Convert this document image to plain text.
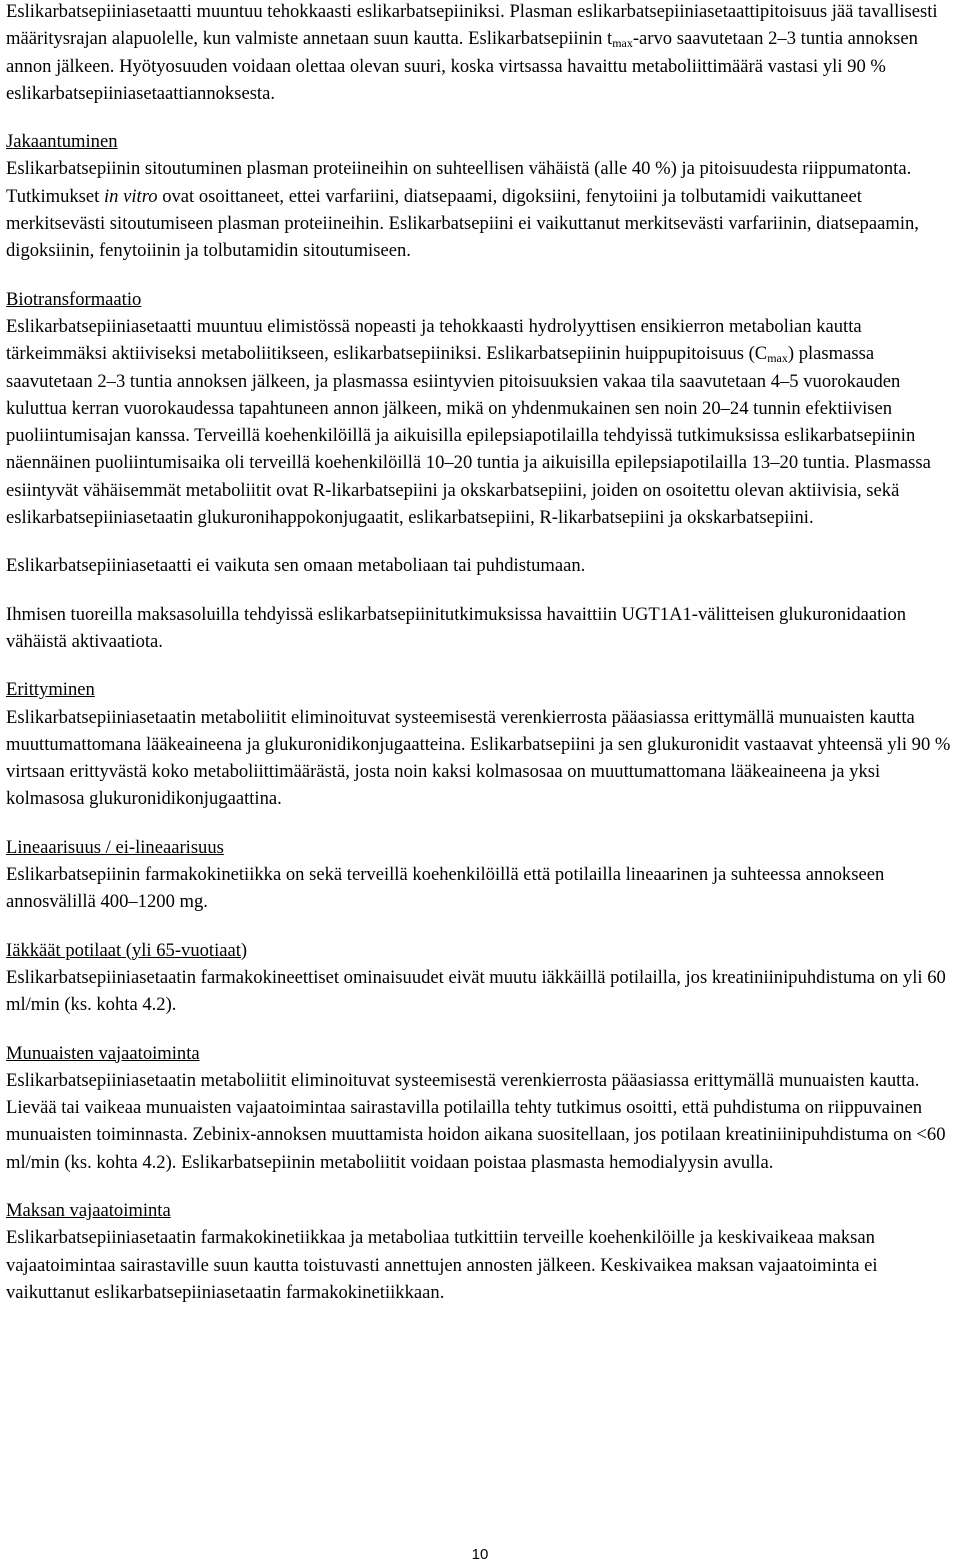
Eslikarbatsepiiniasetaatti muuntuu tehokkaasti eslikarbatsepiiniksi. Plasman eslikarbatsepiiniasetaattipitoisuus jää tavallisesti määritysrajan alapuolelle, kun valmiste annetaan suun kautta. Eslikarbatsepiinin $t_{max}$-arvo saavutetaan 2–3 tuntia annoksen annon jälkeen. Hyötyosuuden voidaan olettaa olevan suuri, koska virtsassa havaittu metaboliittimäärä vastasi yli 90 % eslikarbatsepiiniasetaattiannoksesta.

Jakaantuminen

Eslikarbatsepiinin sitoutuminen plasman proteiineihin on suhteellisen vähäistä (alle 40 %) ja pitoisuudesta riippumatonta. Tutkimukset in vitro ovat osoittaneet, ettei varfariini, diatsepaami, digoksiini, fenytoiini ja tolbutamidi vaikuttaneet merkitsevästi sitoutumiseen plasman proteiineihin. Eslikarbatsepiini ei vaikuttanut merkitsevästi varfariinin, diatsepaamin, digoksiinin, fenytoiinin ja tolbutamidin sitoutumiseen.

Biotransformaatio

Eslikarbatsepiiniasetaatti muuntuu elimistössä nopeasti ja tehokkaasti hydrolyyttisen ensikierron metabolian kautta tärkeimmäksi aktiiviseksi metaboliitikseen, eslikarbatsepiiniksi. Eslikarbatsepiinin huippupitoisuus $(C_{max})$ plasmassa saavutetaan 2–3 tuntia annoksen jälkeen, ja plasmassa esiintyvien pitoisuuksien vakaa tila saavutetaan 4–5 vuorokauden kuluttua kerran vuorokaudessa tapahtuneen annon jälkeen, mikä on yhdenmukainen sen noin 20–24 tunnin efektiivisen puoliintumisajan kanssa. Terveillä koehenkilöillä ja aikuisilla epilepsiapotilailla tehdyissä tutkimuksissa eslikarbatsepiinin näennäinen puoliintumisaika oli terveillä koehenkilöillä 10–20 tuntia ja aikuisilla epilepsiapotilailla 13–20 tuntia. Plasmassa esiintyvät vähäisemmät metaboliitit ovat R-likarbatsepiini ja okskarbatsepiini, joiden on osoitettu olevan aktiivisia, sekä eslikarbatsepiiniasetaatin glukuronihappokonjugaatit, eslikarbatsepiini, R-likarbatsepiini ja okskarbatsepiini.

Eslikarbatsepiiniasetaatti ei vaikuta sen omaan metaboliaan tai puhdistumaan.

Ihmisen tuoreilla maksasoluilla tehdyissä eslikarbatsepiinitutkimuksissa havaittiin UGT1A1-välitteisen glukuronidaation vähäistä aktivaatiota.

Erittyminen

Eslikarbatsepiiniasetaatin metaboliitit eliminoituvat systeemisestä verenkierrosta pääasiassa erittymällä munuaisten kautta muuttumattomana lääkeaineena ja glukuronidikonjugaatteina. Eslikarbatsepiini ja sen glukuronidit vastaavat yhteensä yli 90 % virtsaan erittyvästä koko metaboliittimäärästä, josta noin kaksi kolmasosaa on muuttumattomana lääkeaineena ja yksi kolmasosa glukuronidikonjugaattina.

Lineaarisuus / ei-lineaarisuus

Eslikarbatsepiinin farmakokinetiikka on sekä terveillä koehenkilöillä että potilailla lineaarinen ja suhteessa annokseen annosvälillä 400–1200 mg.

Iäkkäät potilaat (yli 65-vuotiaat)

Eslikarbatsepiiniasetaatin farmakokineettiset ominaisuudet eivät muutu iäkkäillä potilailla, jos kreatiniinipuhdistuma on yli 60 ml/min (ks. kohta 4.2).

Munuaisten vajaatoiminta

Eslikarbatsepiiniasetaatin metaboliitit eliminoituvat systeemisestä verenkierrosta pääasiassa erittymällä munuaisten kautta. Lievää tai vaikeaa munuaisten vajaatoimintaa sairastavilla potilailla tehty tutkimus osoitti, että puhdistuma on riippuvainen munuaisten toiminnasta. Zebinix-annoksen muuttamista hoidon aikana suositellaan, jos potilaan kreatiniinipuhdistuma on <60 ml/min (ks. kohta 4.2). Eslikarbatsepiinin metaboliitit voidaan poistaa plasmasta hemodialyysin avulla.

Maksan vajaatoiminta

Eslikarbatsepiiniasetaatin farmakokinetiikkaa ja metaboliaa tutkittiin terveille koehenkilöille ja keskivaikeaa maksan vajaatoimintaa sairastaville suun kautta toistuvasti annettujen annosten jälkeen. Keskivaikea maksan vajaatoiminta ei vaikuttanut eslikarbatsepiiniasetaatin farmakokinetiikkaan.

10
